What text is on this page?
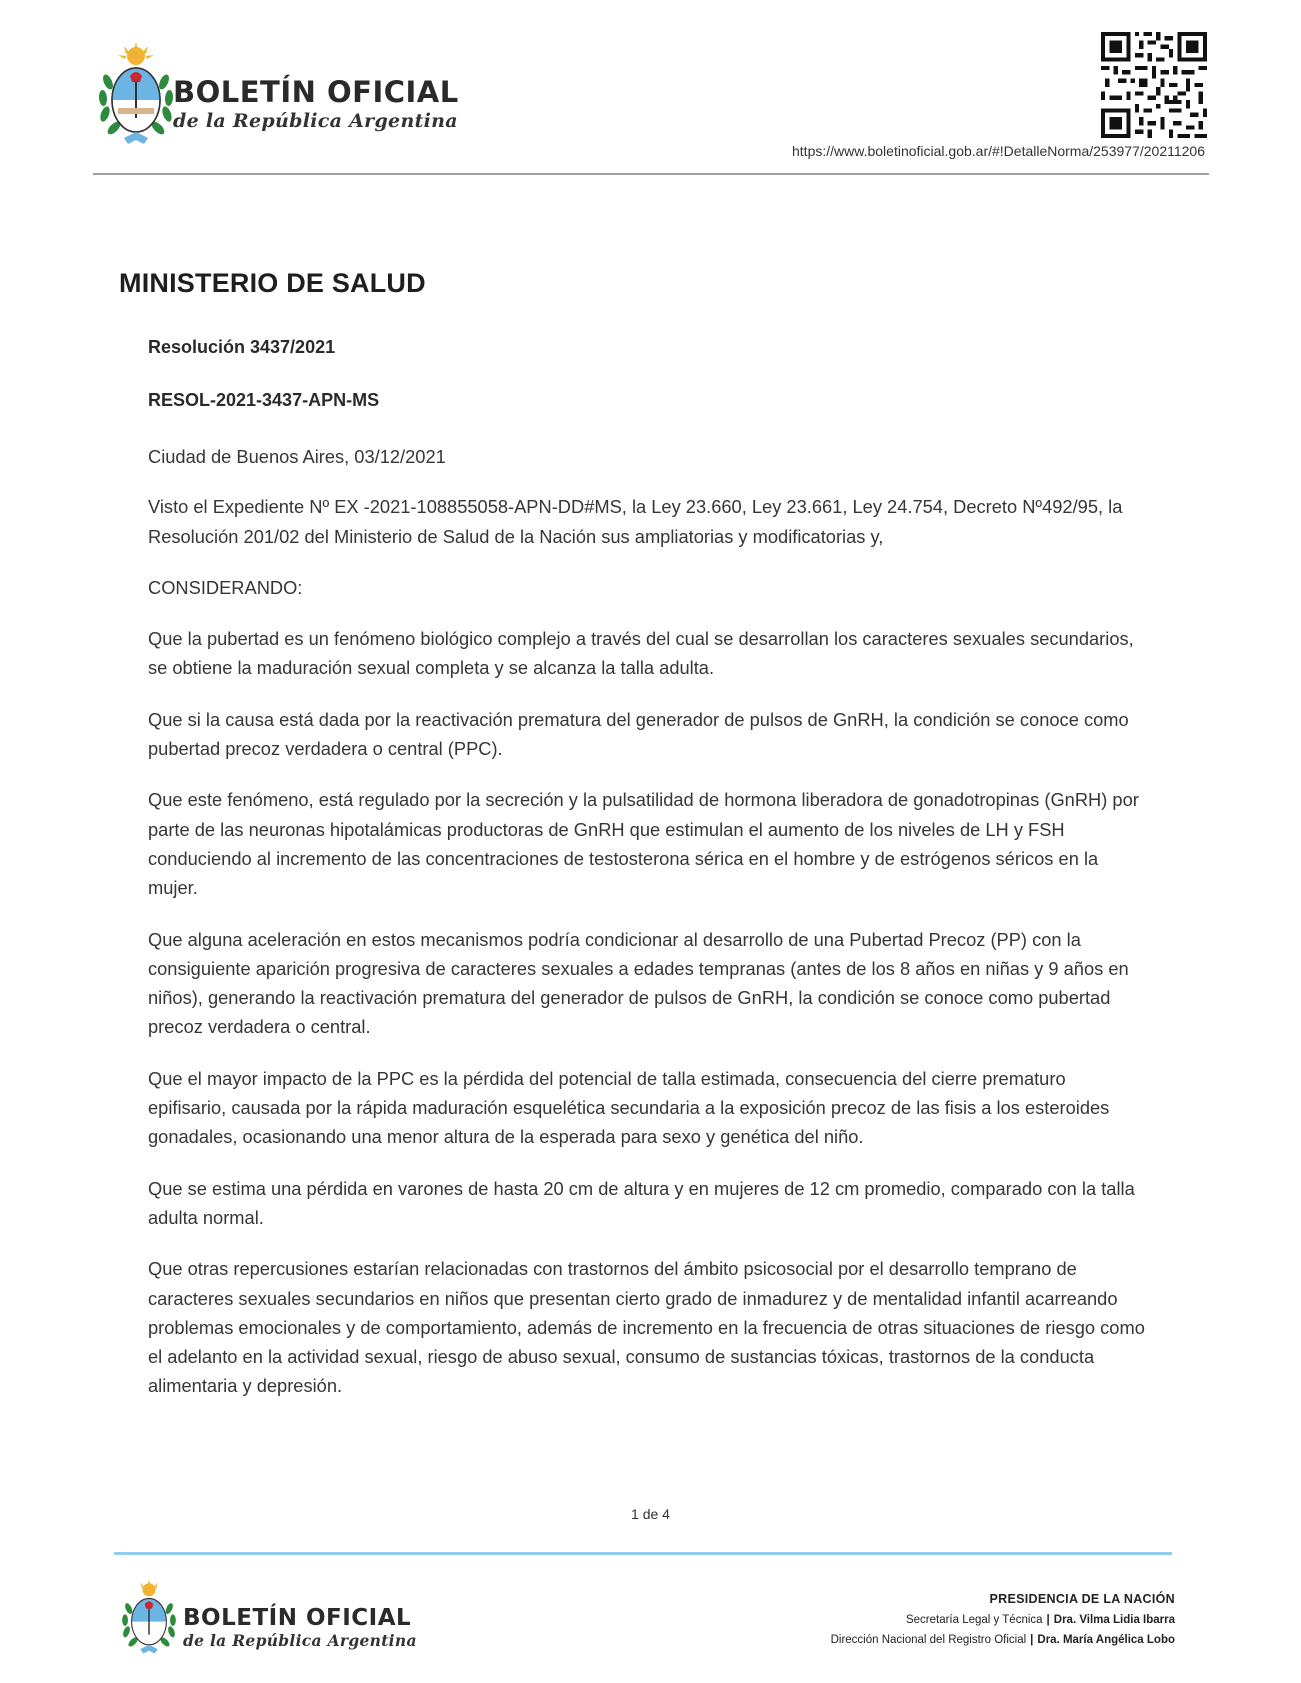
BOLETÍN OFICIAL
de la República Argentina
https://www.boletinoficial.gob.ar/#!DetalleNorma/253977/20211206
MINISTERIO DE SALUD
Resolución 3437/2021
RESOL-2021-3437-APN-MS

Ciudad de Buenos Aires, 03/12/2021

Visto el Expediente Nº EX -2021-108855058-APN-DD#MS, la Ley 23.660, Ley 23.661, Ley 24.754, Decreto Nº492/95, la Resolución 201/02 del Ministerio de Salud de la Nación sus ampliatorias y modificatorias y,

CONSIDERANDO:

Que la pubertad es un fenómeno biológico complejo a través del cual se desarrollan los caracteres sexuales secundarios, se obtiene la maduración sexual completa y se alcanza la talla adulta.

Que si la causa está dada por la reactivación prematura del generador de pulsos de GnRH, la condición se conoce como pubertad precoz verdadera o central (PPC).

Que este fenómeno, está regulado por la secreción y la pulsatilidad de hormona liberadora de gonadotropinas (GnRH) por parte de las neuronas hipotalámicas productoras de GnRH que estimulan el aumento de los niveles de LH y FSH conduciendo al incremento de las concentraciones de testosterona sérica en el hombre y de estrógenos séricos en la mujer.

Que alguna aceleración en estos mecanismos podría condicionar al desarrollo de una Pubertad Precoz (PP) con la consiguiente aparición progresiva de caracteres sexuales a edades tempranas (antes de los 8 años en niñas y 9 años en niños), generando la reactivación prematura del generador de pulsos de GnRH, la condición se conoce como pubertad precoz verdadera o central.

Que el mayor impacto de la PPC es la pérdida del potencial de talla estimada, consecuencia del cierre prematuro epifisario, causada por la rápida maduración esquelética secundaria a la exposición precoz de las fisis a los esteroides gonadales, ocasionando una menor altura de la esperada para sexo y genética del niño.

Que se estima una pérdida en varones de hasta 20 cm de altura y en mujeres de 12 cm promedio, comparado con la talla adulta normal.

Que otras repercusiones estarían relacionadas con trastornos del ámbito psicosocial por el desarrollo temprano de caracteres sexuales secundarios en niños que presentan cierto grado de inmadurez y de mentalidad infantil acarreando problemas emocionales y de comportamiento, además de incremento en la frecuencia de otras situaciones de riesgo como el adelanto en la actividad sexual, riesgo de abuso sexual, consumo de sustancias tóxicas, trastornos de la conducta alimentaria y depresión.

1 de 4
BOLETÍN OFICIAL
de la República Argentina
PRESIDENCIA DE LA NACIÓN
Secretaría Legal y Técnica | Dra. Vilma Lidia Ibarra
Dirección Nacional del Registro Oficial | Dra. María Angélica Lobo
